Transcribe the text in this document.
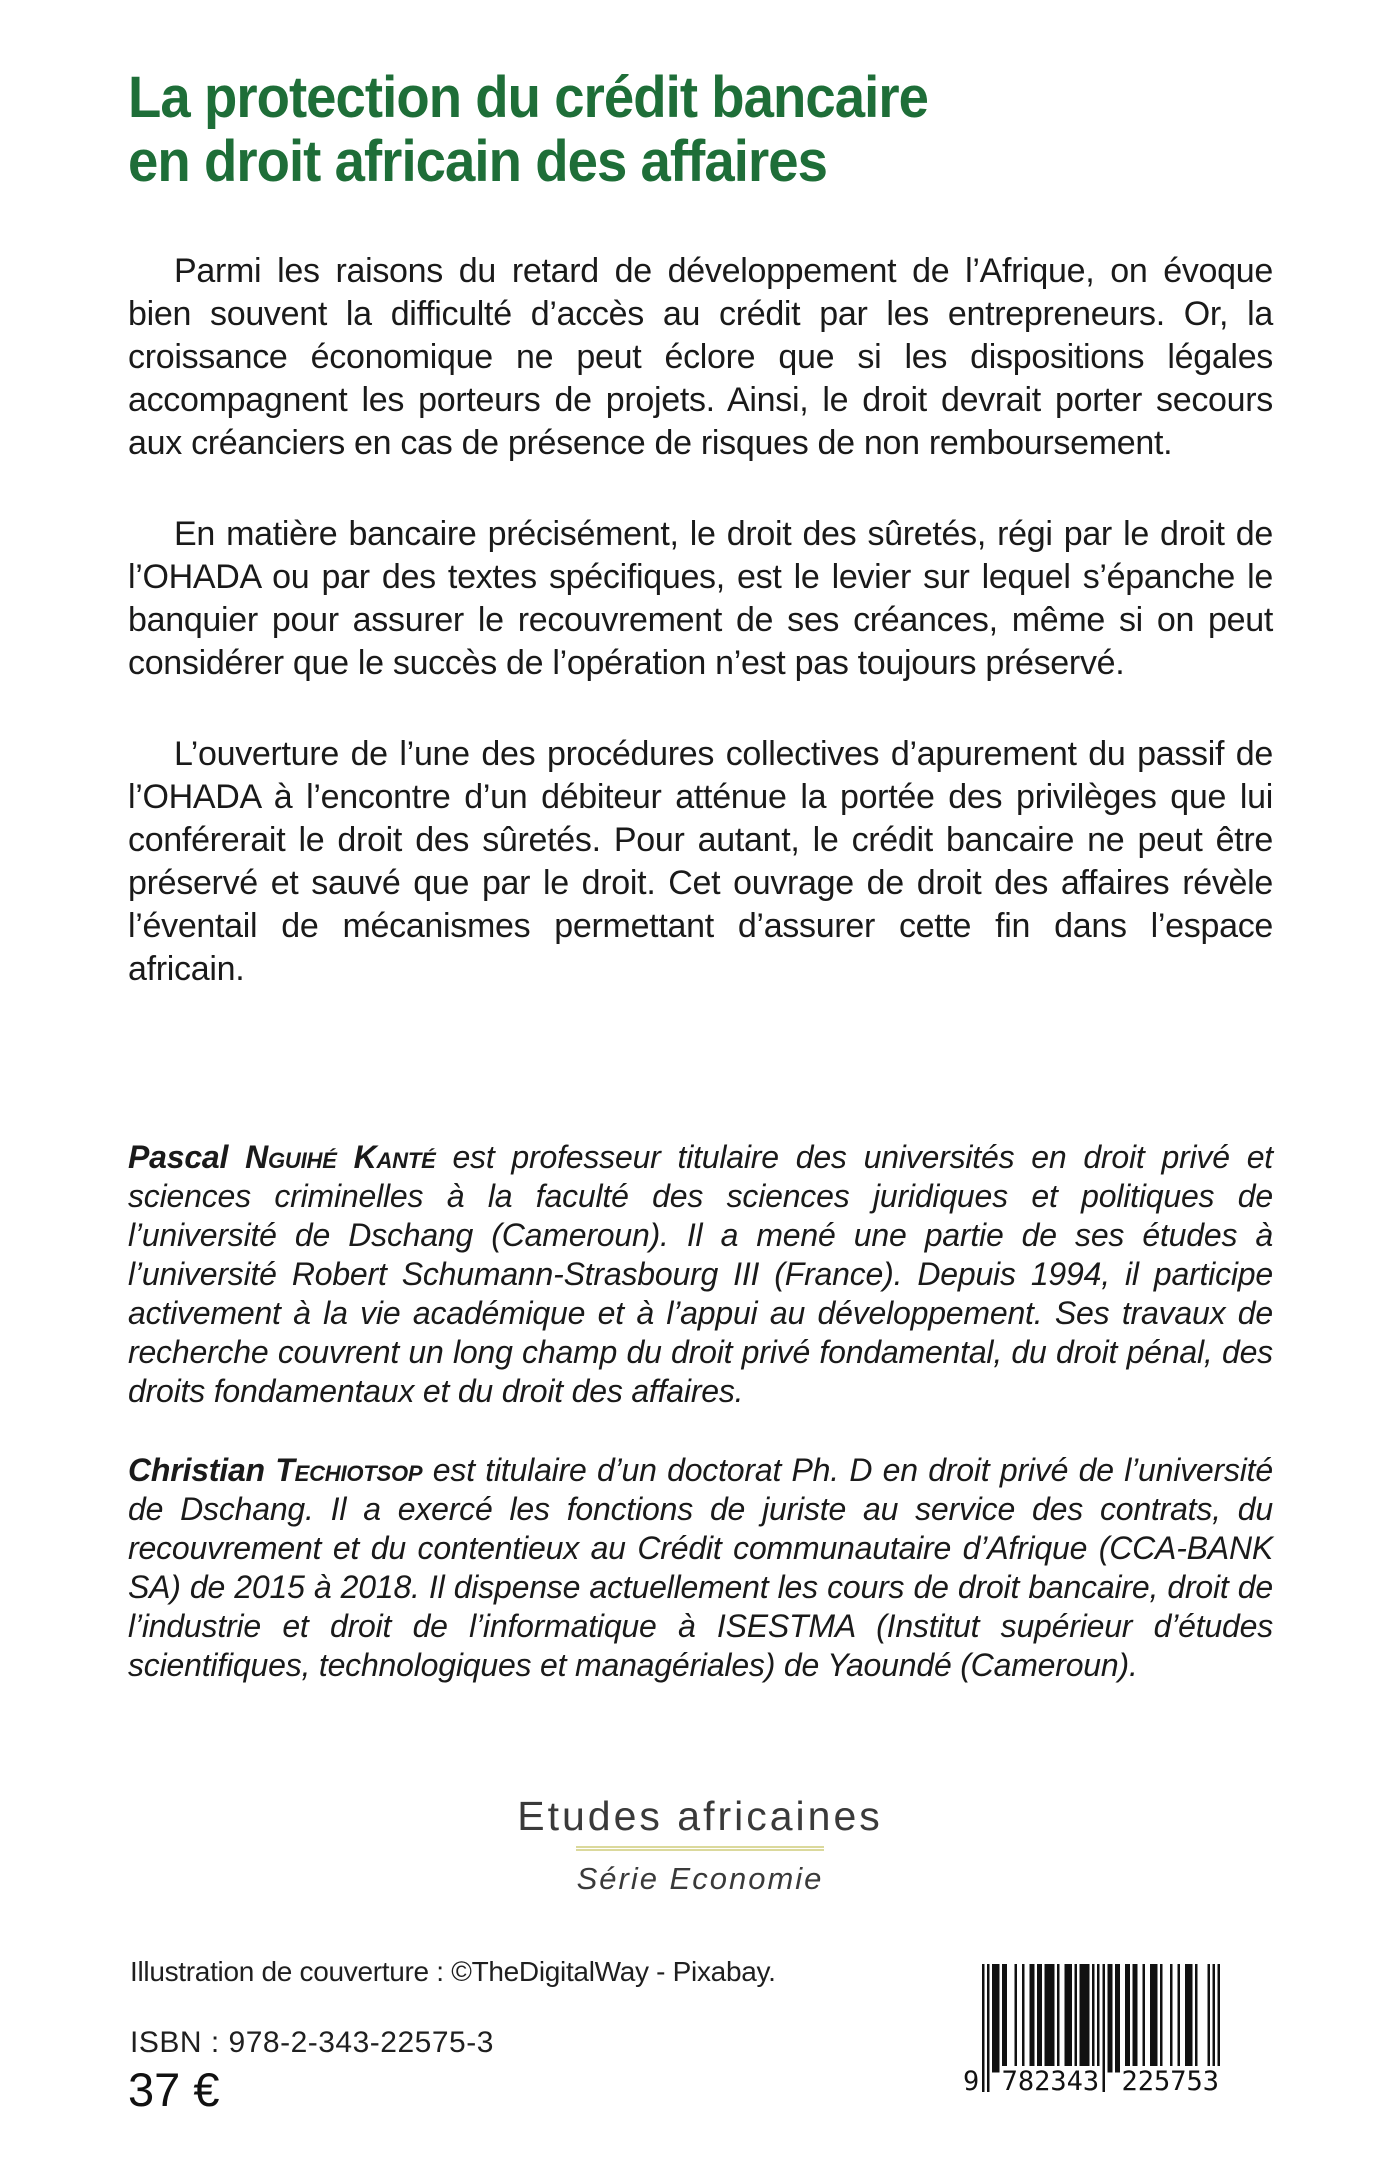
La protection du crédit bancaire
en droit africain des affaires

Parmi les raisons du retard de développement de l’Afrique, on évoque bien souvent la difficulté d’accès au crédit par les entrepreneurs. Or, la croissance économique ne peut éclore que si les dispositions légales accompagnent les porteurs de projets. Ainsi, le droit devrait porter secours aux créanciers en cas de présence de risques de non remboursement.

En matière bancaire précisément, le droit des sûretés, régi par le droit de l’OHADA ou par des textes spécifiques, est le levier sur lequel s’épanche le banquier pour assurer le recouvrement de ses créances, même si on peut considérer que le succès de l’opération n’est pas toujours préservé.

L’ouverture de l’une des procédures collectives d’apurement du passif de l’OHADA à l’encontre d’un débiteur atténue la portée des privilèges que lui conférerait le droit des sûretés. Pour autant, le crédit bancaire ne peut être préservé et sauvé que par le droit. Cet ouvrage de droit des affaires révèle l’éventail de mécanismes permettant d’assurer cette fin dans l’espace africain.

Pascal Nguihé Kanté est professeur titulaire des universités en droit privé et sciences criminelles à la faculté des sciences juridiques et politiques de l’université de Dschang (Cameroun). Il a mené une partie de ses études à l’université Robert Schumann-Strasbourg III (France). Depuis 1994, il participe activement à la vie académique et à l’appui au développement. Ses travaux de recherche couvrent un long champ du droit privé fondamental, du droit pénal, des droits fondamentaux et du droit des affaires.

Christian Techiotsop est titulaire d’un doctorat Ph. D en droit privé de l’université de Dschang. Il a exercé les fonctions de juriste au service des contrats, du recouvrement et du contentieux au Crédit communautaire d’Afrique (CCA-BANK SA) de 2015 à 2018. Il dispense actuellement les cours de droit bancaire, droit de l’industrie et droit de l’informatique à ISESTMA (Institut supérieur d’études scientifiques, technologiques et managériales) de Yaoundé (Cameroun).

Etudes africaines
Série Economie
Illustration de couverture : ©TheDigitalWay - Pixabay.
ISBN : 978-2-343-22575-3
37 €	9 782343 225753
